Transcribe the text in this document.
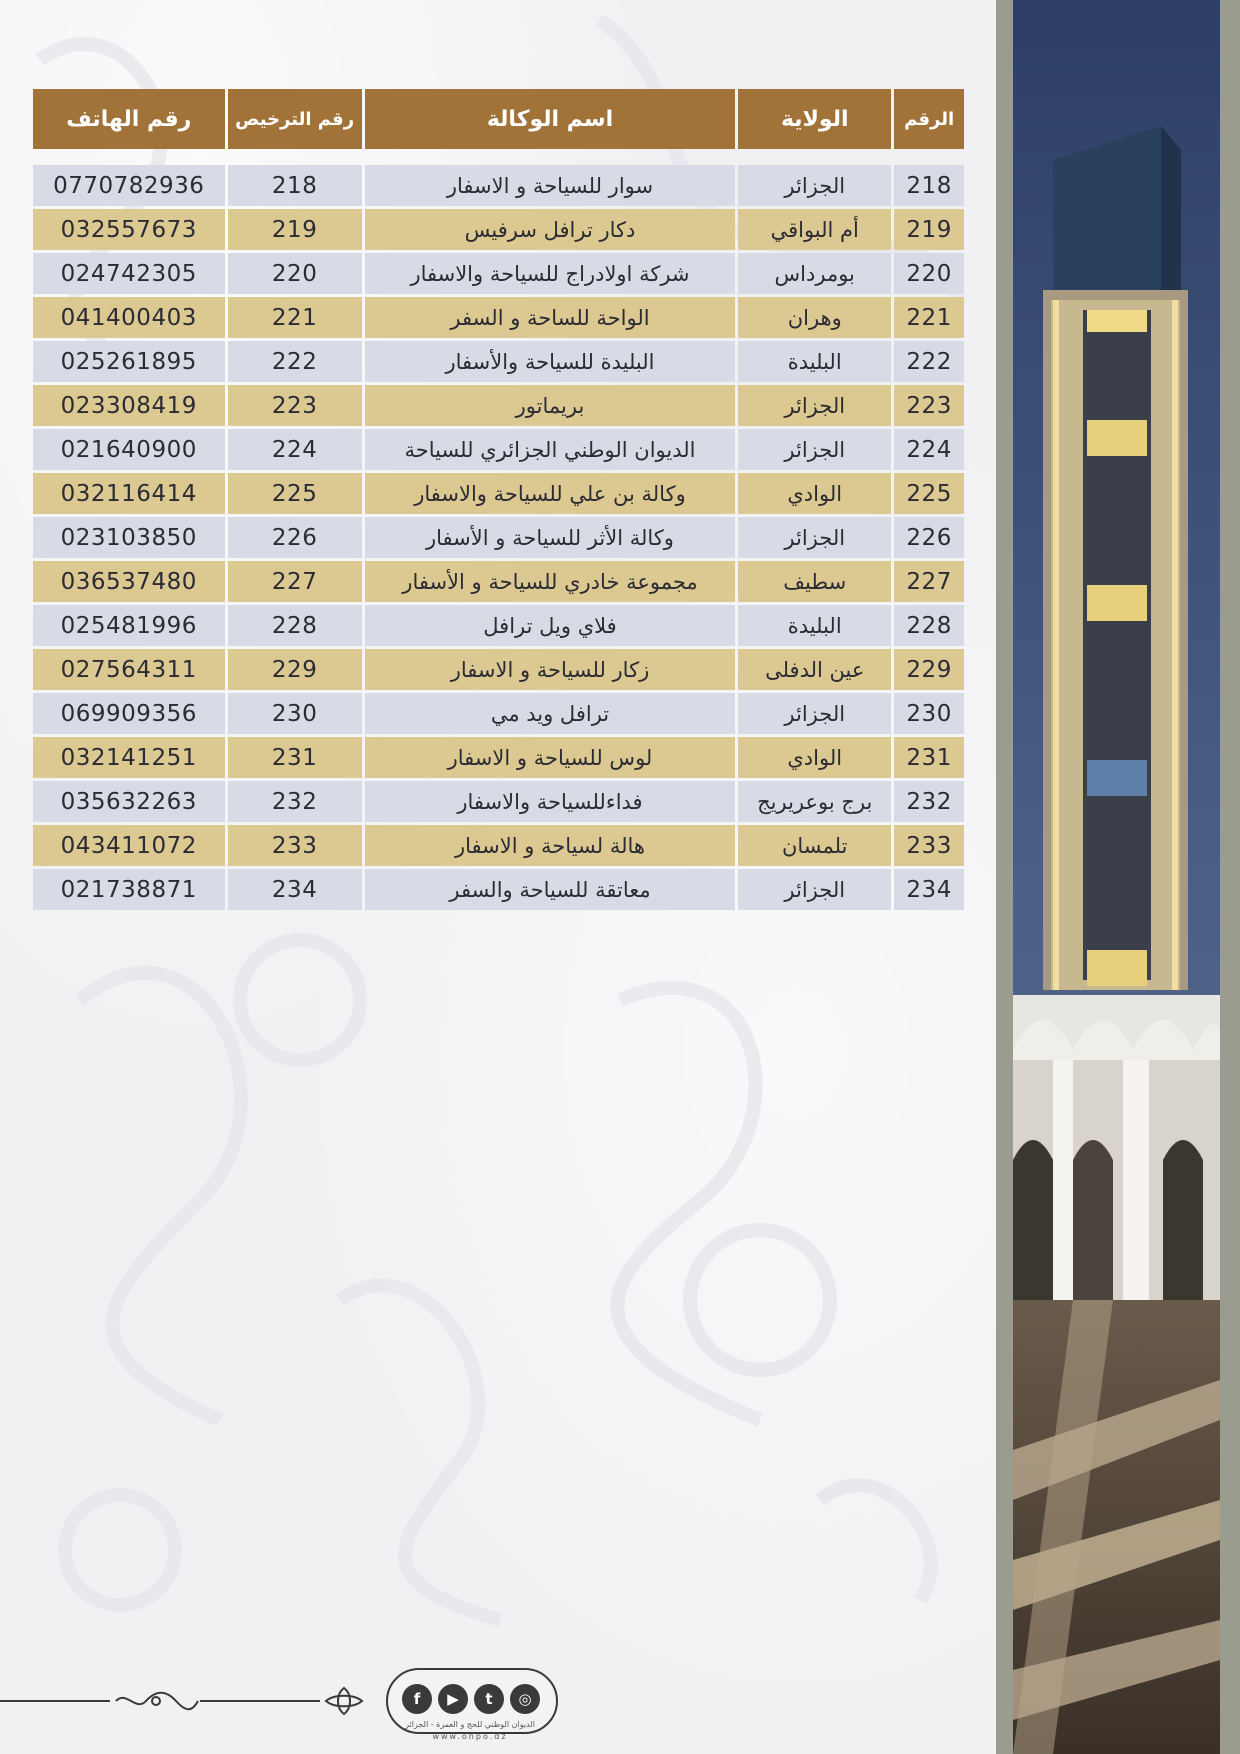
الرقم	الولاية	اسم الوكالة	رقم الترخيص	رقم الهاتف

218	الجزائر	سوار للسياحة و الاسفار	218	0770782936
219	أم البواقي	دكار ترافل سرفيس	219	032557673
220	بومرداس	شركة اولادراج للسياحة والاسفار	220	024742305
221	وهران	الواحة للساحة و السفر	221	041400403
222	البليدة	البليدة للسياحة والأسفار	222	025261895
223	الجزائر	بريماتور	223	023308419
224	الجزائر	الديوان الوطني الجزائري للسياحة	224	021640900
225	الوادي	وكالة بن علي للسياحة والاسفار	225	032116414
226	الجزائر	وكالة الأثر للسياحة و الأسفار	226	023103850
227	سطيف	مجموعة خادري للسياحة و الأسفار	227	036537480
228	البليدة	فلاي ويل ترافل	228	025481996
229	عين الدفلى	زكار للسياحة و الاسفار	229	027564311
230	الجزائر	ترافل ويد مي	230	069909356
231	الوادي	لوس للسياحة و الاسفار	231	032141251
232	برج بوعريريج	فداءللسياحة والاسفار	232	035632263
233	تلمسان	هالة لسياحة و الاسفار	233	043411072
234	الجزائر	معاتقة للسياحة والسفر	234	021738871
f	▶	t	◎
الديوان الوطني للحج و العمرة - الجزائر
www.onpo.dz
